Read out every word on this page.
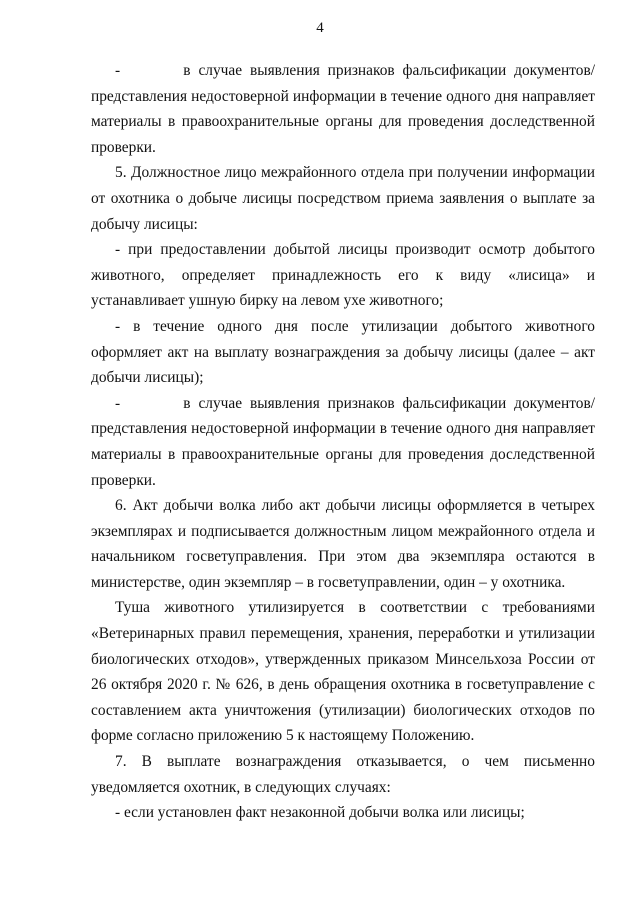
4

-        в случае выявления признаков фальсификации документов/представления недостоверной информации в течение одного дня направляет материалы в правоохранительные органы для проведения доследственной проверки.

5. Должностное лицо межрайонного отдела при получении информации от охотника о добыче лисицы посредством приема заявления о выплате за добычу лисицы:

- при предоставлении добытой лисицы производит осмотр добытого животного, определяет принадлежность его к виду «лисица» и устанавливает ушную бирку на левом ухе животного;

- в течение одного дня после утилизации добытого животного оформляет акт на выплату вознаграждения за добычу лисицы (далее – акт добычи лисицы);

-        в случае выявления признаков фальсификации документов/представления недостоверной информации в течение одного дня направляет материалы в правоохранительные органы для проведения доследственной проверки.

6. Акт добычи волка либо акт добычи лисицы оформляется в четырех экземплярах и подписывается должностным лицом межрайонного отдела и начальником госветуправления. При этом два экземпляра остаются в министерстве, один экземпляр – в госветуправлении, один – у охотника.

Туша животного утилизируется в соответствии с требованиями «Ветеринарных правил перемещения, хранения, переработки и утилизации биологических отходов», утвержденных приказом Минсельхоза России от 26 октября 2020 г. № 626, в день обращения охотника в госветуправление с составлением акта уничтожения (утилизации) биологических отходов по форме согласно приложению 5 к настоящему Положению.

7. В выплате вознаграждения отказывается, о чем письменно уведомляется охотник, в следующих случаях:

- если установлен факт незаконной добычи волка или лисицы;
